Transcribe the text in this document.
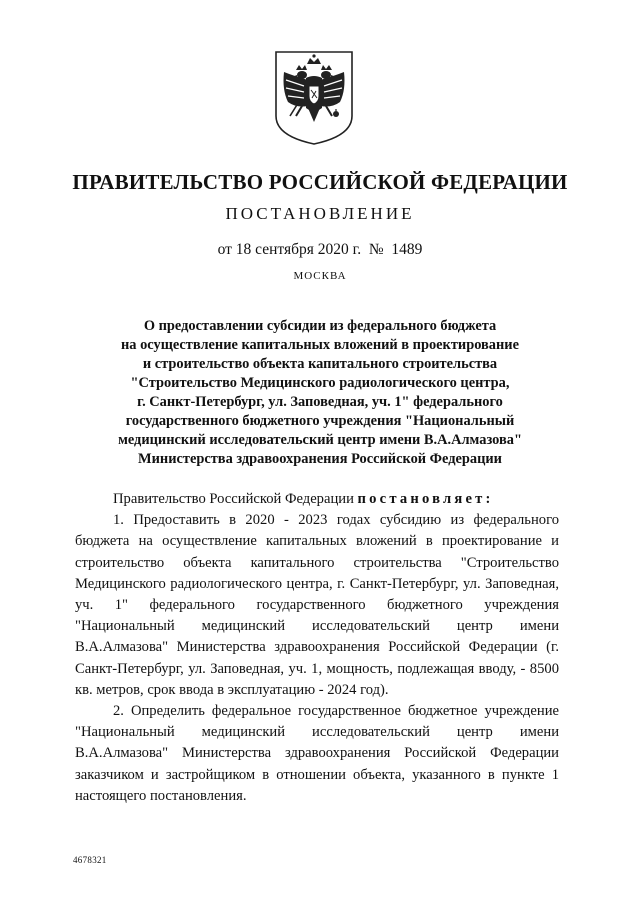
ПРАВИТЕЛЬСТВО РОССИЙСКОЙ ФЕДЕРАЦИИ
ПОСТАНОВЛЕНИЕ
от 18 сентября 2020 г.  №  1489
МОСКВА
О предоставлении субсидии из федерального бюджета
на осуществление капитальных вложений в проектирование
и строительство объекта капитального строительства
"Строительство Медицинского радиологического центра,
г. Санкт-Петербург, ул. Заповедная, уч. 1" федерального
государственного бюджетного учреждения "Национальный
медицинский исследовательский центр имени В.А.Алмазова"
Министерства здравоохранения Российской Федерации

Правительство Российской Федерации постановляет:

1. Предоставить в 2020 - 2023 годах субсидию из федерального бюджета на осуществление капитальных вложений в проектирование и строительство объекта капитального строительства "Строительство Медицинского радиологического центра, г. Санкт-Петербург, ул. Заповедная, уч. 1" федерального государственного бюджетного учреждения "Национальный медицинский исследовательский центр имени В.А.Алмазова" Министерства здравоохранения Российской Федерации (г. Санкт-Петербург, ул. Заповедная, уч. 1, мощность, подлежащая вводу, - 8500 кв. метров, срок ввода в эксплуатацию - 2024 год).

2. Определить федеральное государственное бюджетное учреждение "Национальный медицинский исследовательский центр имени В.А.Алмазова" Министерства здравоохранения Российской Федерации заказчиком и застройщиком в отношении объекта, указанного в пункте 1 настоящего постановления.

4678321
